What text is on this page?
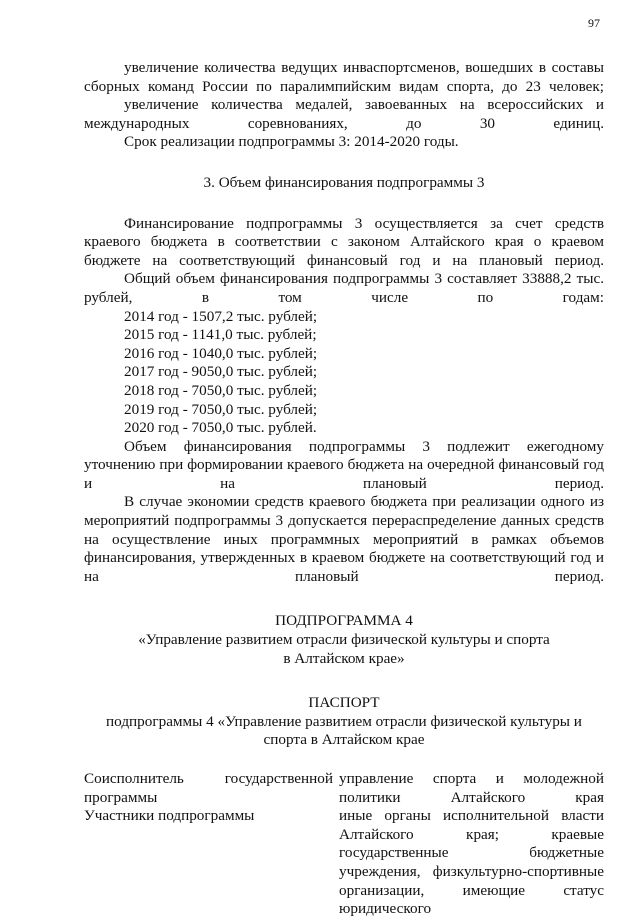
97

увеличение количества ведущих инваспортсменов, вошедших в составы сборных команд России по паралимпийским видам спорта, до 23 человек;

увеличение количества медалей, завоеванных на всероссийских и международных соревнованиях, до 30 единиц.

Срок реализации подпрограммы 3: 2014-2020 годы.

3. Объем финансирования подпрограммы 3

Финансирование подпрограммы 3 осуществляется за счет средств краевого бюджета в соответствии с законом Алтайского края о краевом бюджете на соответствующий финансовый год и на плановый период.

Общий объем финансирования подпрограммы 3 составляет 33888,2 тыс. рублей, в том числе по годам:

2014 год - 1507,2 тыс. рублей;

2015 год - 1141,0 тыс. рублей;

2016 год - 1040,0 тыс. рублей;

2017 год - 9050,0 тыс. рублей;

2018 год - 7050,0 тыс. рублей;

2019 год - 7050,0 тыс. рублей;

2020 год - 7050,0 тыс. рублей.

Объем финансирования подпрограммы 3 подлежит ежегодному уточнению при формировании краевого бюджета на очередной финансовый год и на плановый период.

В случае экономии средств краевого бюджета при реализации одного из мероприятий подпрограммы 3 допускается перераспределение данных средств на осуществление иных программных мероприятий в рамках объемов финансирования, утвержденных в краевом бюджете на соответствующий год и на плановый период.

ПОДПРОГРАММА 4

«Управление развитием отрасли физической культуры и спорта

в Алтайском крае»

ПАСПОРТ

подпрограммы 4 «Управление развитием отрасли физической культуры и

спорта в Алтайском крае

Соисполнитель государственной программы

управление спорта и молодежной политики Алтайского края

Участники подпрограммы	иные органы исполнительной власти Алтайского края; краевые государственные бюджетные учреждения, физкультурно-спортивные организации, имеющие статус юридического
